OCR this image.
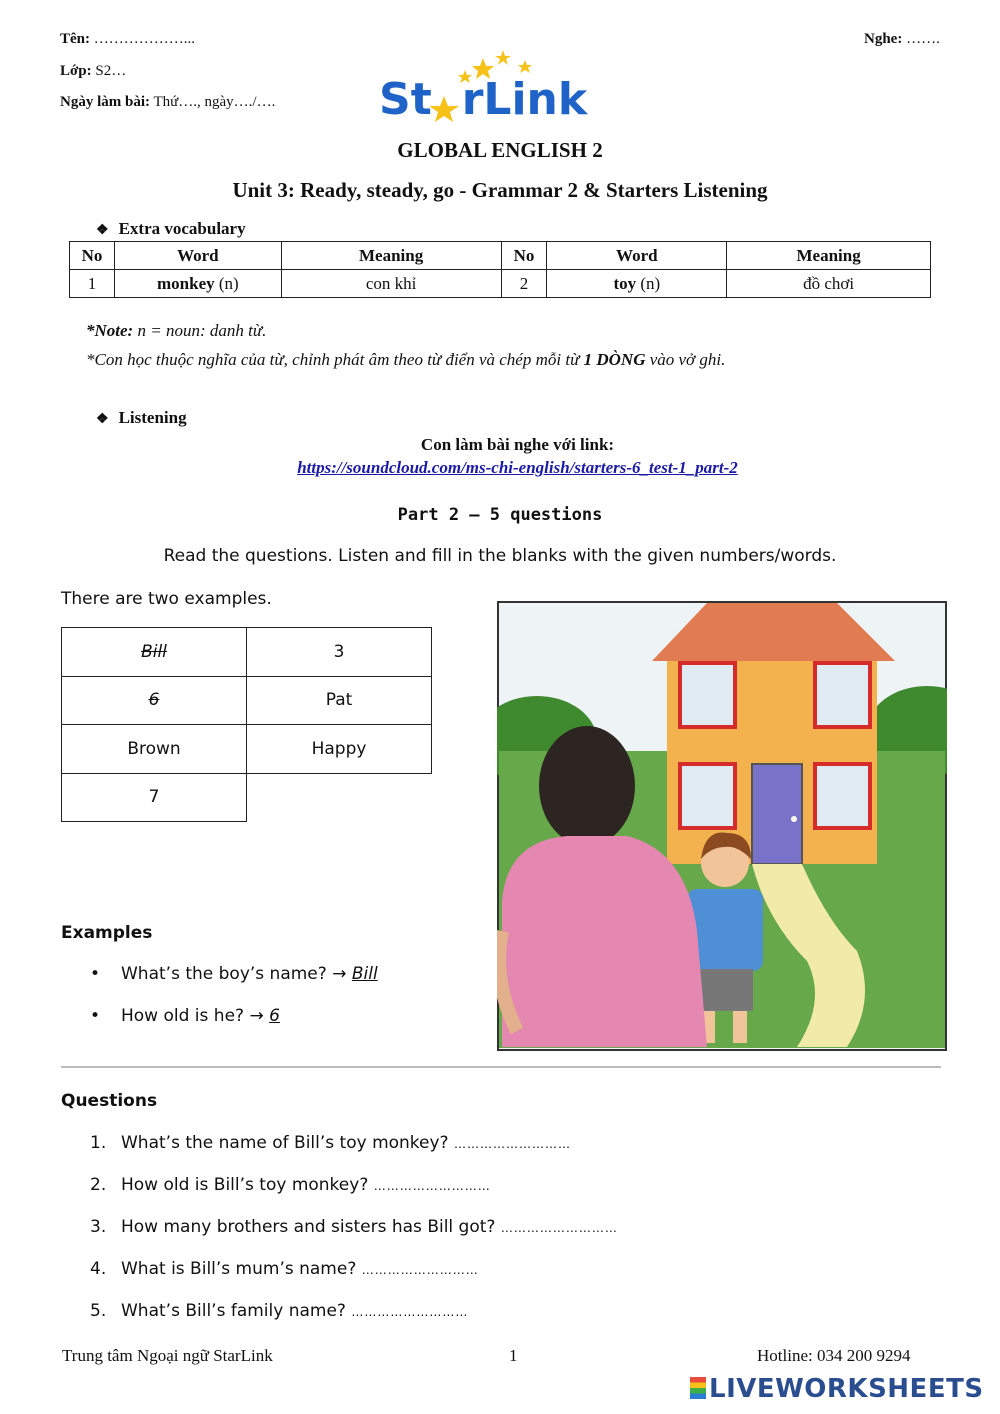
Tên: ………………...
Lớp: S2…
Ngày làm bài: Thứ…., ngày…./….
Nghe: …….
St rLink
GLOBAL ENGLISH 2
Unit 3: Ready, steady, go - Grammar 2 & Starters Listening
❖ Extra vocabulary
No	Word	Meaning	No	Word	Meaning
1	monkey (n)	con khỉ	2	toy (n)	đồ chơi
*Note: n = noun: danh từ.
*Con học thuộc nghĩa của từ, chỉnh phát âm theo từ điển và chép mỗi từ 1 DÒNG vào vở ghi.
❖ Listening
Con làm bài nghe với link:
https://soundcloud.com/ms-chi-english/starters-6_test-1_part-2
Part 2 – 5 questions
Read the questions. Listen and fill in the blanks with the given numbers/words.
There are two examples.
Bill	3
6	Pat
Brown	Happy
7	
Examples
• What’s the boy’s name? → Bill
• How old is he? → 6
Questions
1. What’s the name of Bill’s toy monkey? ………………………
2. How old is Bill’s toy monkey? ………………………
3. How many brothers and sisters has Bill got? ………………………
4. What is Bill’s mum’s name? ………………………
5. What’s Bill’s family name? ………………………
Trung tâm Ngoại ngữ StarLink	1	Hotline: 034 200 9294
LIVEWORKSHEETS
